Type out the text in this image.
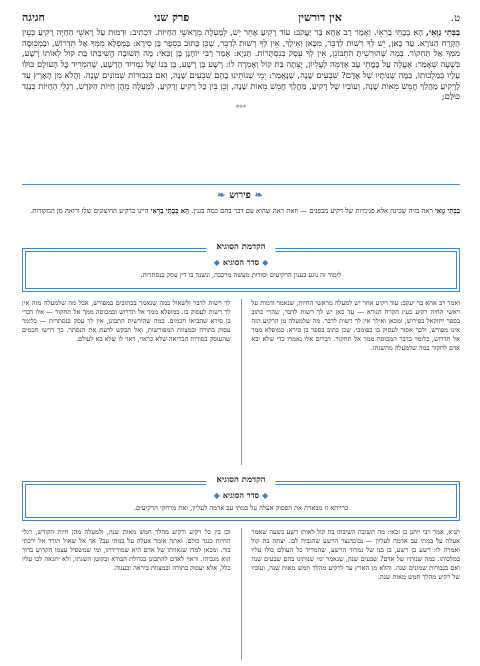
ט.
אין דורשין
פרק שני
חגיגה
בַבְּתֵי גַוָּאֵי, הָא בְבָתֵּי בַרְאֵי. וְאָמַר רַב אַחָא בַּר יַעֲקֹב: עוֹד רָקִיעַ אַחֵר יֵשׁ, לְמַעְלָה מֵרָאשֵׁי הַחַיּוֹת. דִּכְתִיב: וּדְמוּת עַל רָאשֵׁי הַחַיָּה רָקִיעַ כְּעֵין הַקֶּרַח הַנּוֹרָא. עַד כָּאן, יֵשׁ לְךָ רְשׁוּת לְדַבֵּר, מִכָּאן וְאֵילָךְ, אֵין לְךָ רְשׁוּת לְדַבֵּר, שֶׁכֵּן כָּתוּב בְּסֵפֶר בֶּן סִירָא: בַּמֻּפְלָא מִמְּךָ אַל תִּדְרוֹשׁ, וּבַמְכוּסֶה מִמְּךָ אַל תַּחְקוֹר. בְּמַה שֶּׁהוּרְשֵׁיתָ הִתְבּוֹנֵן, אֵין לְךָ עֵסֶק בְּנִסְתָּרוֹת. תַּנְיָא: אָמַר רַבִּי יוֹחָנָן בֶּן זַכַּאי: מַה תְּשׁוּבָה הֱשִׁיבַתּוּ בַּת קוֹל לְאוֹתוֹ רָשָׁע, בְּשָׁעָה שֶׁאָמַר: אֶעֱלֶה עַל בָּמֳתֵי עָב אֶדַּמֶּה לְעֶלְיוֹן, יָצְתָה בַּת קוֹל וְאָמְרָה לוֹ: רָשָׁע בֶּן רָשָׁע, בֶּן בְּנוֹ שֶׁל נִמְרוֹד הָרָשָׁע, שֶׁהִמְרִיד כָּל הָעוֹלָם כּוּלּוֹ עָלָיו בְּמַלְכוּתוֹ, כַּמָּה שְׁנוֹתָיו שֶׁל אָדָם? שִׁבְעִים שָׁנָה, שֶׁנֶּאֱמַר: יְמֵי שְׁנוֹתֵינוּ בָהֶם שִׁבְעִים שָׁנָה, וְאִם בִּגְבוּרוֹת שְׁמוֹנִים שָׁנָה. וַהֲלֹא מִן הָאָרֶץ עַד לָרָקִיעַ מַהֲלַךְ חֲמֵשׁ מֵאוֹת שָׁנָה, וְעוֹבְיוֹ שֶׁל רָקִיעַ, מַהֲלַךְ חֲמֵשׁ מֵאוֹת שָׁנָה, וְכֵן בֵּין כָּל רָקִיעַ וְרָקִיעַ, לְמַעְלָה מֵהֶן חַיּוֹת הַקֹּדֶשׁ, רַגְלֵי הַחַיּוֹת כְּנֶגֶד כּוּלָּם;
***
❧פירוש❧
בַבְּתֵי גַוָּאֵי ראה בזיה שכינה אלא פנימיות של רקיע מבפנים — וזאת ראה שהוא עם דבר בהם כמה בגנין. הָא בְבָתֵּי בַרְאֵי היינו ברקיע החיצונים שלו ורואה מן המקורות.
הקדמת הסוגיא
◆סדר הסוגיא◆
לימוד זה נוגע בענין הרקיעים וסודות מעשה מרכבה, ונשנה בו דין עסק בנסתרות.
ואמר רב אחא בר יעקב: עוד רקיע אחר יש למעלה מראשי החיות, שנאמר ודמות על ראשי החיה רקיע כעין הקרח הנורא — עד כאן יש לך רשות לדבר, שהרי כתוב בספר יחזקאל בפירוש, ומכאן ואילך אין לך רשות לדבר. מה שלמעלה מן הרקיע הזה אינו מפורש, ולכך אסור לעסוק בו בפומבי. שכן כתוב בספר בן סירא: במופלא ממך אל תדרוש, כלומר בדבר המכוסה ממך אל תחקור. דברים אלו נאמרו כדי שלא יבא אדם לחקור במה שלמעלה מהשגתו.
לך רשות לדבר ולשאול במה שנאמר בכתובים במפורש, אבל מה שלמעלה מזה אין לך רשות לעסוק בו. במופלא ממך אל תדרוש ובמכוסה ממך אל תחקור — אלו דברי בן סירא שהביאו חכמים. במה שהורשית התבונן, אין לך עסק בנסתרות — כלומר עסוק בתורה ובמצוות המפורשות, ואל תבקש לדעת את הנסתר. כך דרשו חכמים שהעוסק בסודות הבריאה שלא כראוי, ראוי לו שלא בא לעולם.
הקדמת הסוגיא
◆סדר הסוגיא◆
ברייתא זו מבארת את הפסוק אעלה על במתי עב אדמה לעליון, ואת מרחקי הרקיעים.
תניא, אמר רבי יוחנן בן זכאי: מה תשובה השיבתו בת קול לאותו רשע בשעה שאמר אעלה על במתי עב אדמה לעליון — נבוכדנצר הרשע שהגביה לבו. יצתה בת קול ואמרה לו: רשע בן רשע, בן בנו של נמרוד הרשע, שהמריד כל העולם כולו עליו במלכותו. כמה שנותיו של אדם? שבעים שנה, שנאמר ימי שנותינו בהם שבעים שנה ואם בגבורות שמונים שנה. והלא מן הארץ עד לרקיע מהלך חמש מאות שנה, ועוביו של רקיע מהלך חמש מאות שנה.
וכן בין כל רקיע ורקיע מהלך חמש מאות שנה, ולמעלה מהן חיות הקודש, רגלי החיות כנגד כולם. ואתה אומר אעלה על במתי עב? אך אל שאול תורד אל ירכתי בור. ומכאן למדו שגאוותו של אדם היא שמורידתו, ומי שמשפיל עצמו הקדוש ברוך הוא מגביהו. וראוי לאדם להתבונן בגדולת הבורא ובקוטן השגתו, ולא יתגאה לבו עליו כלל, אלא יעסוק בתורה ובמצוות ביראה ובענוה.
